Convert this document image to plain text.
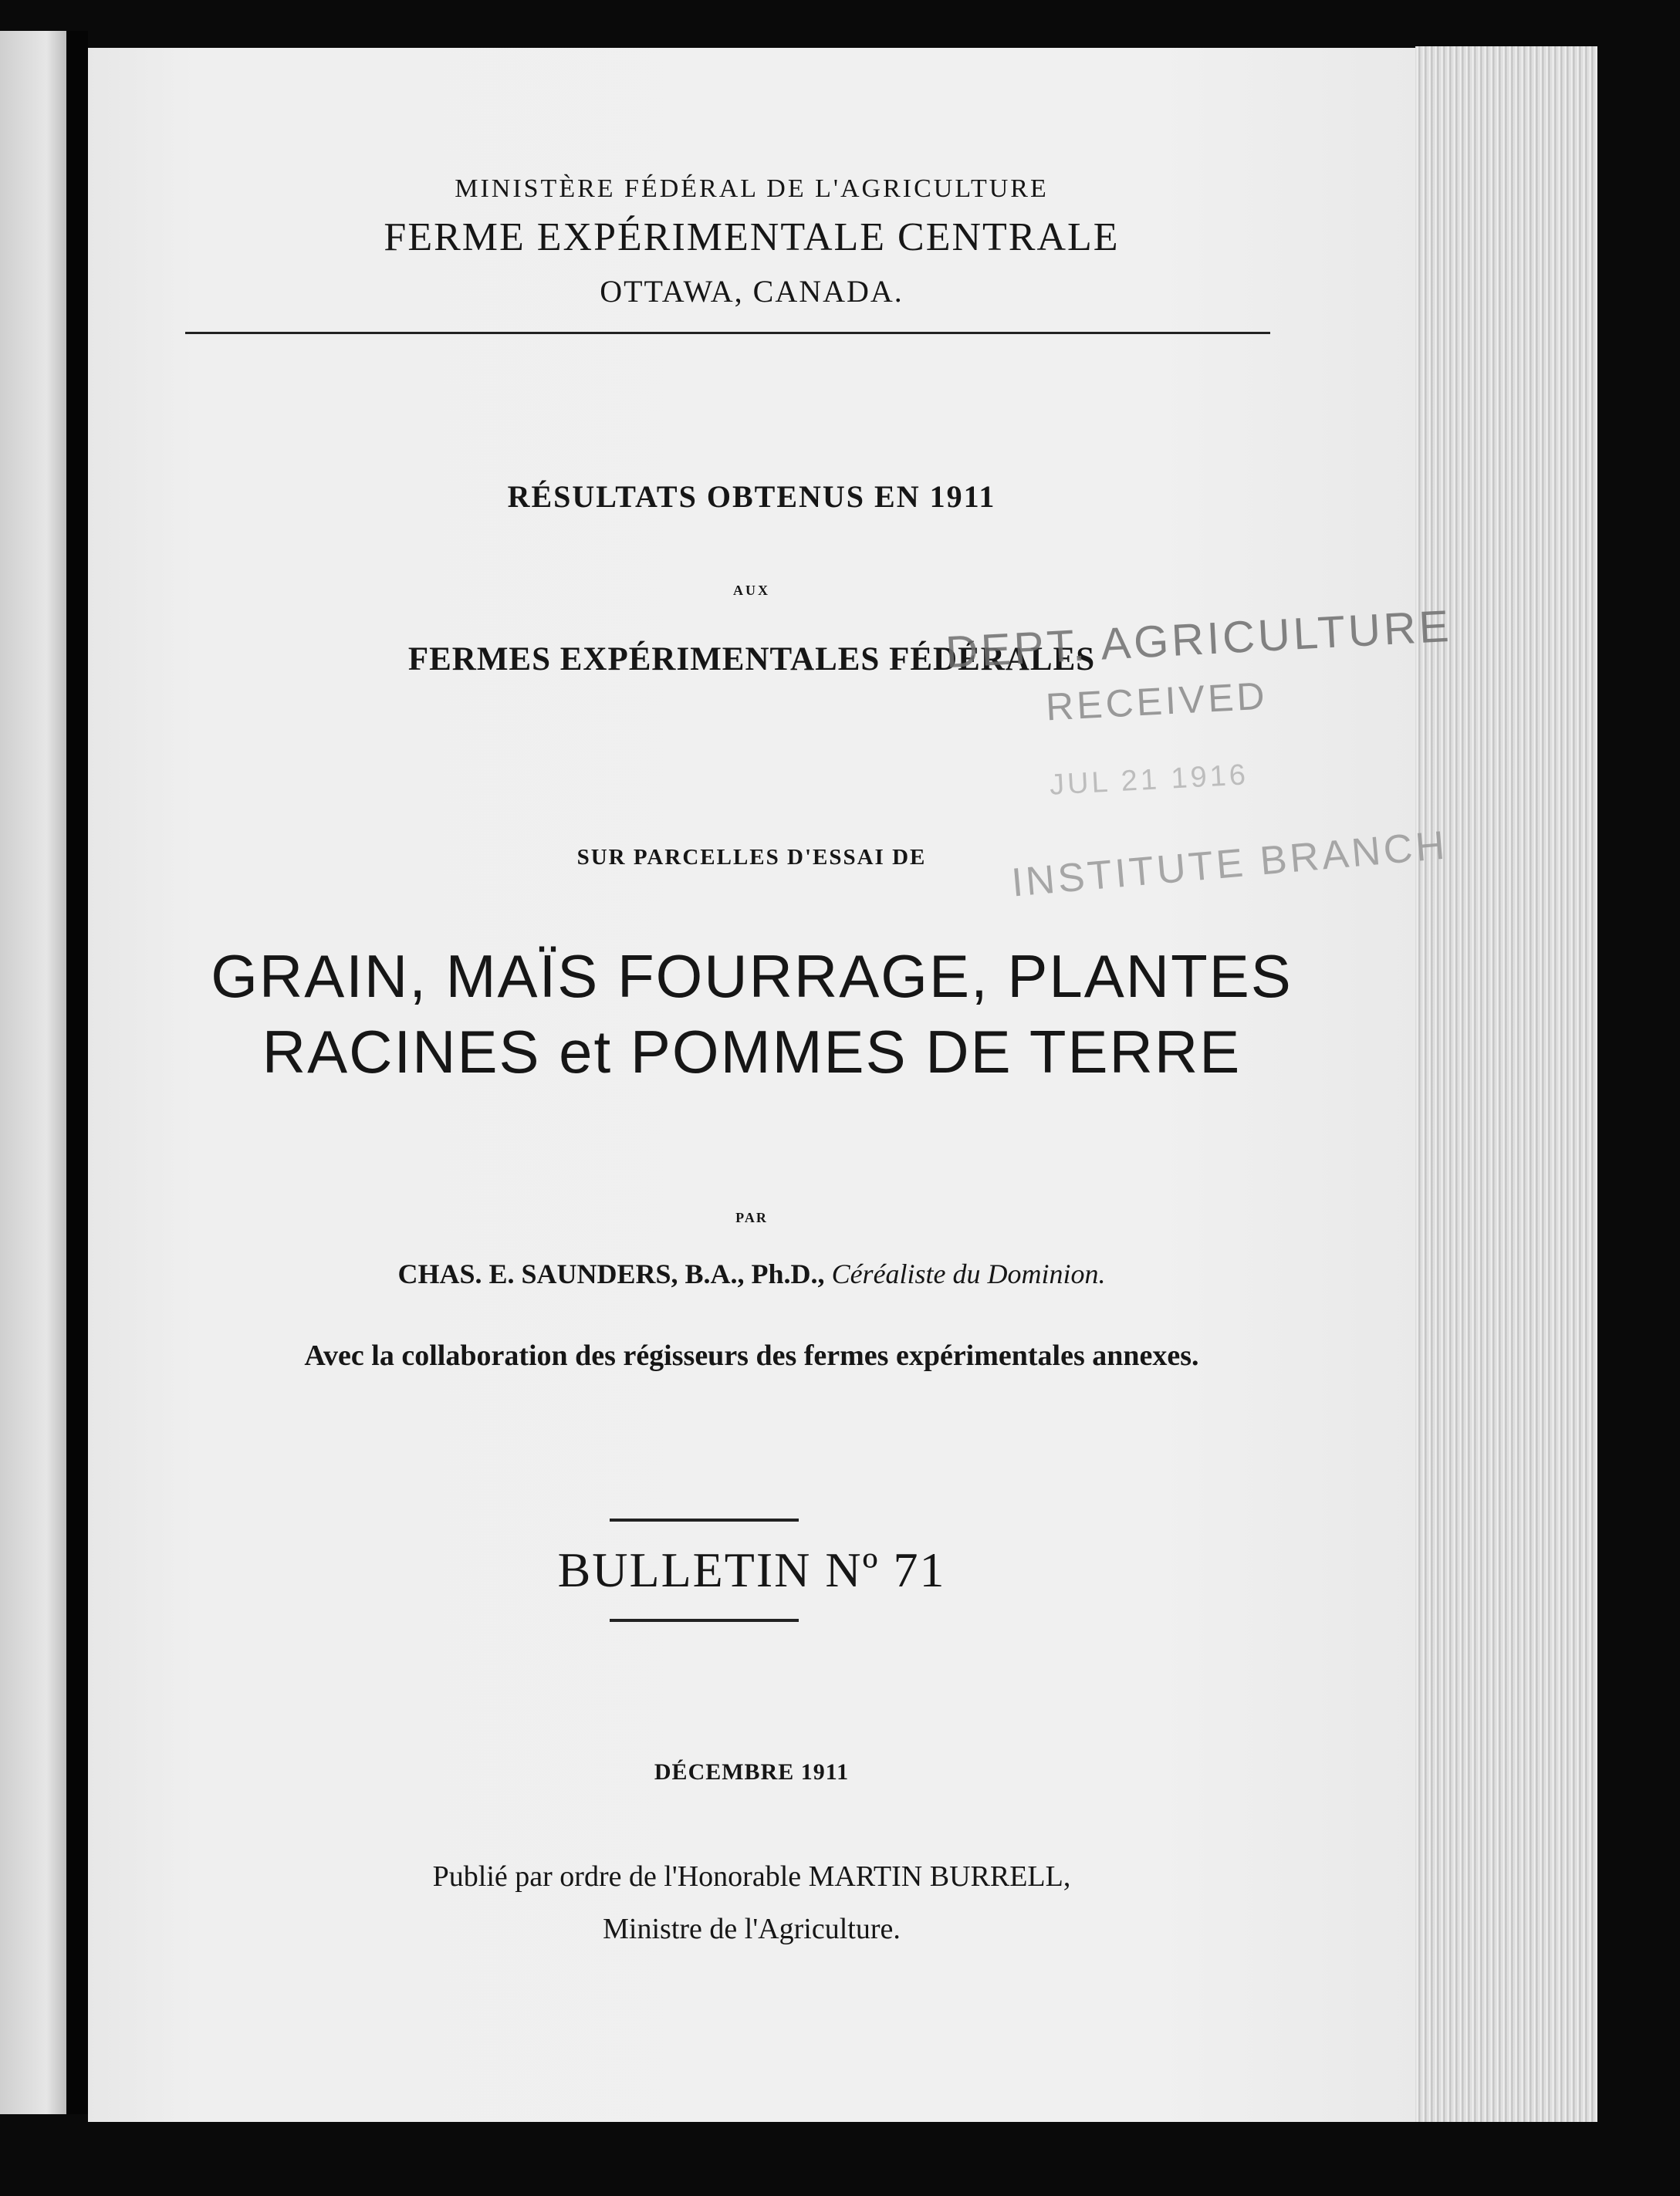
MINISTÈRE FÉDÉRAL DE L'AGRICULTURE
FERME EXPÉRIMENTALE CENTRALE
OTTAWA, CANADA.
RÉSULTATS OBTENUS EN 1911
AUX
FERMES EXPÉRIMENTALES FÉDÉRALES
SUR PARCELLES D'ESSAI DE
GRAIN, MAÏS FOURRAGE, PLANTES
RACINES et POMMES DE TERRE
PAR
CHAS. E. SAUNDERS, B.A., Ph.D., Céréaliste du Dominion.
Avec la collaboration des régisseurs des fermes expérimentales annexes.
BULLETIN Nº 71
DÉCEMBRE 1911
Publié par ordre de l'Honorable MARTIN BURRELL,
Ministre de l'Agriculture.
DEPT. AGRICULTURE
RECEIVED
JUL 21 1916
INSTITUTE BRANCH
